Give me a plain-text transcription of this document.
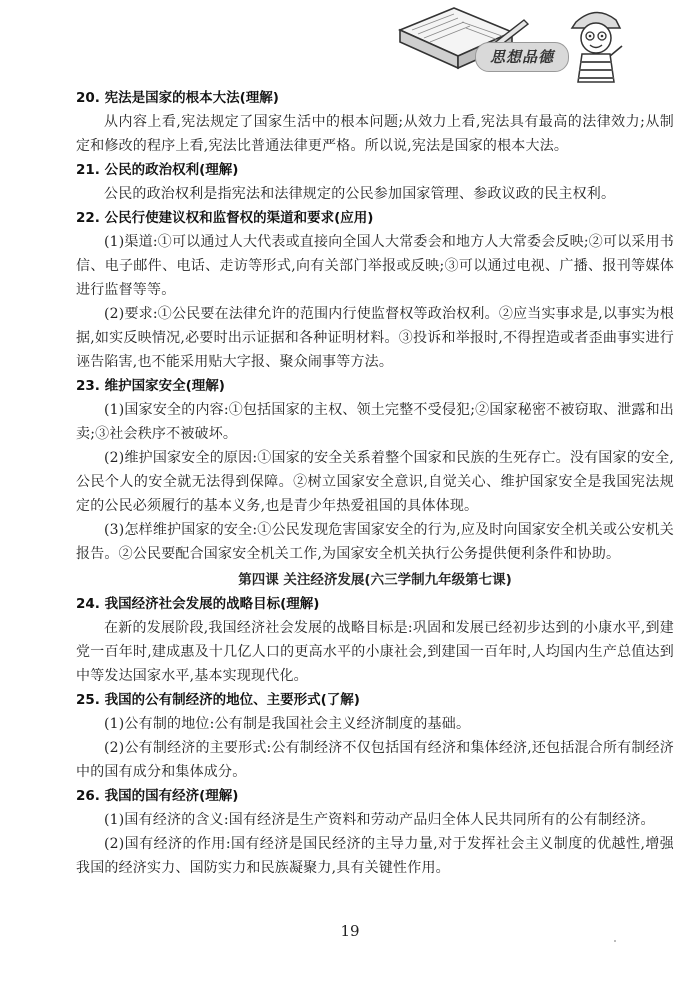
思想品德
20. 宪法是国家的根本大法(理解)

从内容上看,宪法规定了国家生活中的根本问题;从效力上看,宪法具有最高的法律效力;从制定和修改的程序上看,宪法比普通法律更严格。所以说,宪法是国家的根本大法。

21. 公民的政治权利(理解)

公民的政治权利是指宪法和法律规定的公民参加国家管理、参政议政的民主权利。

22. 公民行使建议权和监督权的渠道和要求(应用)

(1)渠道:①可以通过人大代表或直接向全国人大常委会和地方人大常委会反映;②可以采用书信、电子邮件、电话、走访等形式,向有关部门举报或反映;③可以通过电视、广播、报刊等媒体进行监督等等。

(2)要求:①公民要在法律允许的范围内行使监督权等政治权利。②应当实事求是,以事实为根据,如实反映情况,必要时出示证据和各种证明材料。③投诉和举报时,不得捏造或者歪曲事实进行诬告陷害,也不能采用贴大字报、聚众闹事等方法。

23. 维护国家安全(理解)

(1)国家安全的内容:①包括国家的主权、领土完整不受侵犯;②国家秘密不被窃取、泄露和出卖;③社会秩序不被破坏。

(2)维护国家安全的原因:①国家的安全关系着整个国家和民族的生死存亡。没有国家的安全,公民个人的安全就无法得到保障。②树立国家安全意识,自觉关心、维护国家安全是我国宪法规定的公民必须履行的基本义务,也是青少年热爱祖国的具体体现。

(3)怎样维护国家的安全:①公民发现危害国家安全的行为,应及时向国家安全机关或公安机关报告。②公民要配合国家安全机关工作,为国家安全机关执行公务提供便利条件和协助。

第四课 关注经济发展(六三学制九年级第七课)
24. 我国经济社会发展的战略目标(理解)

在新的发展阶段,我国经济社会发展的战略目标是:巩固和发展已经初步达到的小康水平,到建党一百年时,建成惠及十几亿人口的更高水平的小康社会,到建国一百年时,人均国内生产总值达到中等发达国家水平,基本实现现代化。

25. 我国的公有制经济的地位、主要形式(了解)

(1)公有制的地位:公有制是我国社会主义经济制度的基础。

(2)公有制经济的主要形式:公有制经济不仅包括国有经济和集体经济,还包括混合所有制经济中的国有成分和集体成分。

26. 我国的国有经济(理解)

(1)国有经济的含义:国有经济是生产资料和劳动产品归全体人民共同所有的公有制经济。

(2)国有经济的作用:国有经济是国民经济的主导力量,对于发挥社会主义制度的优越性,增强我国的经济实力、国防实力和民族凝聚力,具有关键性作用。

19
